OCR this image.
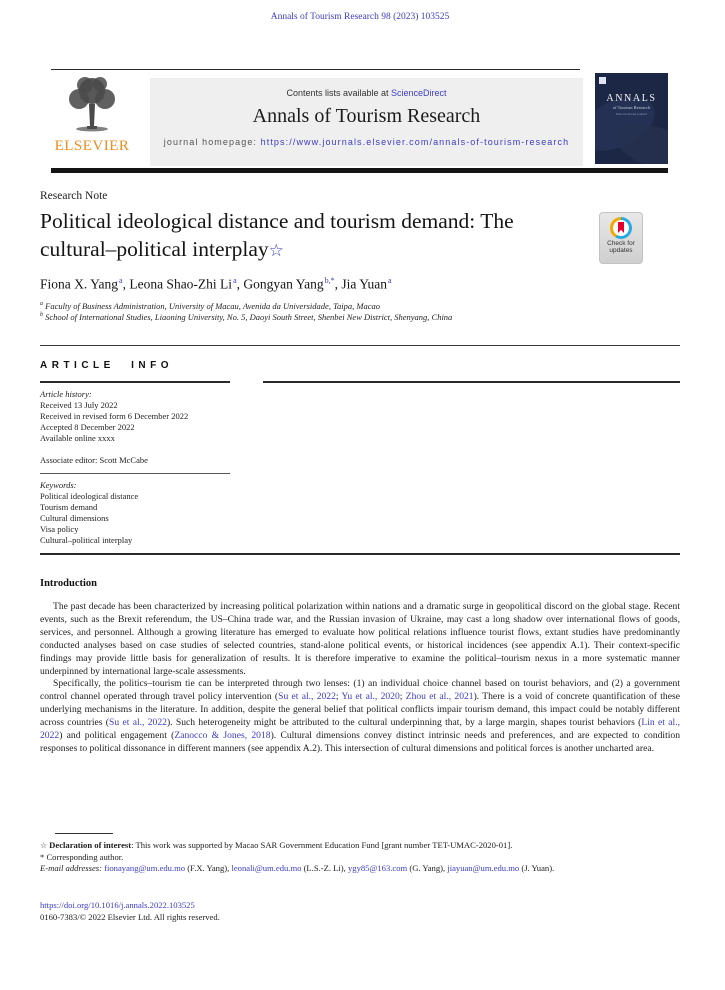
Annals of Tourism Research 98 (2023) 103525
ELSEVIER
Contents lists available at ScienceDirect
Annals of Tourism Research
journal homepage: https://www.journals.elsevier.com/annals-of-tourism-research
ANNALS
of Tourism Research
· Peer-reviewed journal ·
Research Note
Political ideological distance and tourism demand: The cultural–political interplay☆	Check for updates
Fiona X. Yang$^a$, Leona Shao-Zhi Li$^a$, Gongyan Yang$^{b,*}$, Jia Yuan$^a$
$^a$ Faculty of Business Administration, University of Macau, Avenida da Universidade, Taipa, Macao
$^b$ School of International Studies, Liaoning University, No. 5, Daoyi South Street, Shenbei New District, Shenyang, China
ARTICLE INFO
Article history:
Received 13 July 2022
Received in revised form 6 December 2022
Accepted 8 December 2022
Available online xxxx
Associate editor: Scott McCabe
Keywords:
Political ideological distance
Tourism demand
Cultural dimensions
Visa policy
Cultural–political interplay
Introduction

The past decade has been characterized by increasing political polarization within nations and a dramatic surge in geopolitical discord on the global stage. Recent events, such as the Brexit referendum, the US–China trade war, and the Russian invasion of Ukraine, may cast a long shadow over international flows of goods, services, and personnel. Although a growing literature has emerged to evaluate how political relations influence tourist flows, extant studies have predominantly conducted analyses based on case studies of selected countries, stand-alone political events, or historical incidences (see appendix A.1). Their context-specific findings may provide little basis for generalization of results. It is therefore imperative to examine the political–tourism nexus in a more systematic manner underpinned by international large-scale assessments.

Specifically, the politics–tourism tie can be interpreted through two lenses: (1) an individual choice channel based on tourist behaviors, and (2) a government control channel operated through travel policy intervention (Su et al., 2022; Yu et al., 2020; Zhou et al., 2021). There is a void of concrete quantification of these underlying mechanisms in the literature. In addition, despite the general belief that political conflicts impair tourism demand, this impact could be notably different across countries (Su et al., 2022). Such heterogeneity might be attributed to the cultural underpinning that, by a large margin, shapes tourist behaviors (Lin et al., 2022) and political engagement (Zanocco & Jones, 2018). Cultural dimensions convey distinct intrinsic needs and preferences, and are expected to condition responses to political dissonance in different manners (see appendix A.2). This intersection of cultural dimensions and political forces is another uncharted area.

☆ Declaration of interest: This work was supported by Macao SAR Government Education Fund [grant number TET-UMAC-2020-01].

* Corresponding author.

E-mail addresses: fionayang@um.edu.mo (F.X. Yang), leonali@um.edu.mo (L.S.-Z. Li), ygy85@163.com (G. Yang), jiayuan@um.edu.mo (J. Yuan).

https://doi.org/10.1016/j.annals.2022.103525
0160-7383/© 2022 Elsevier Ltd. All rights reserved.
